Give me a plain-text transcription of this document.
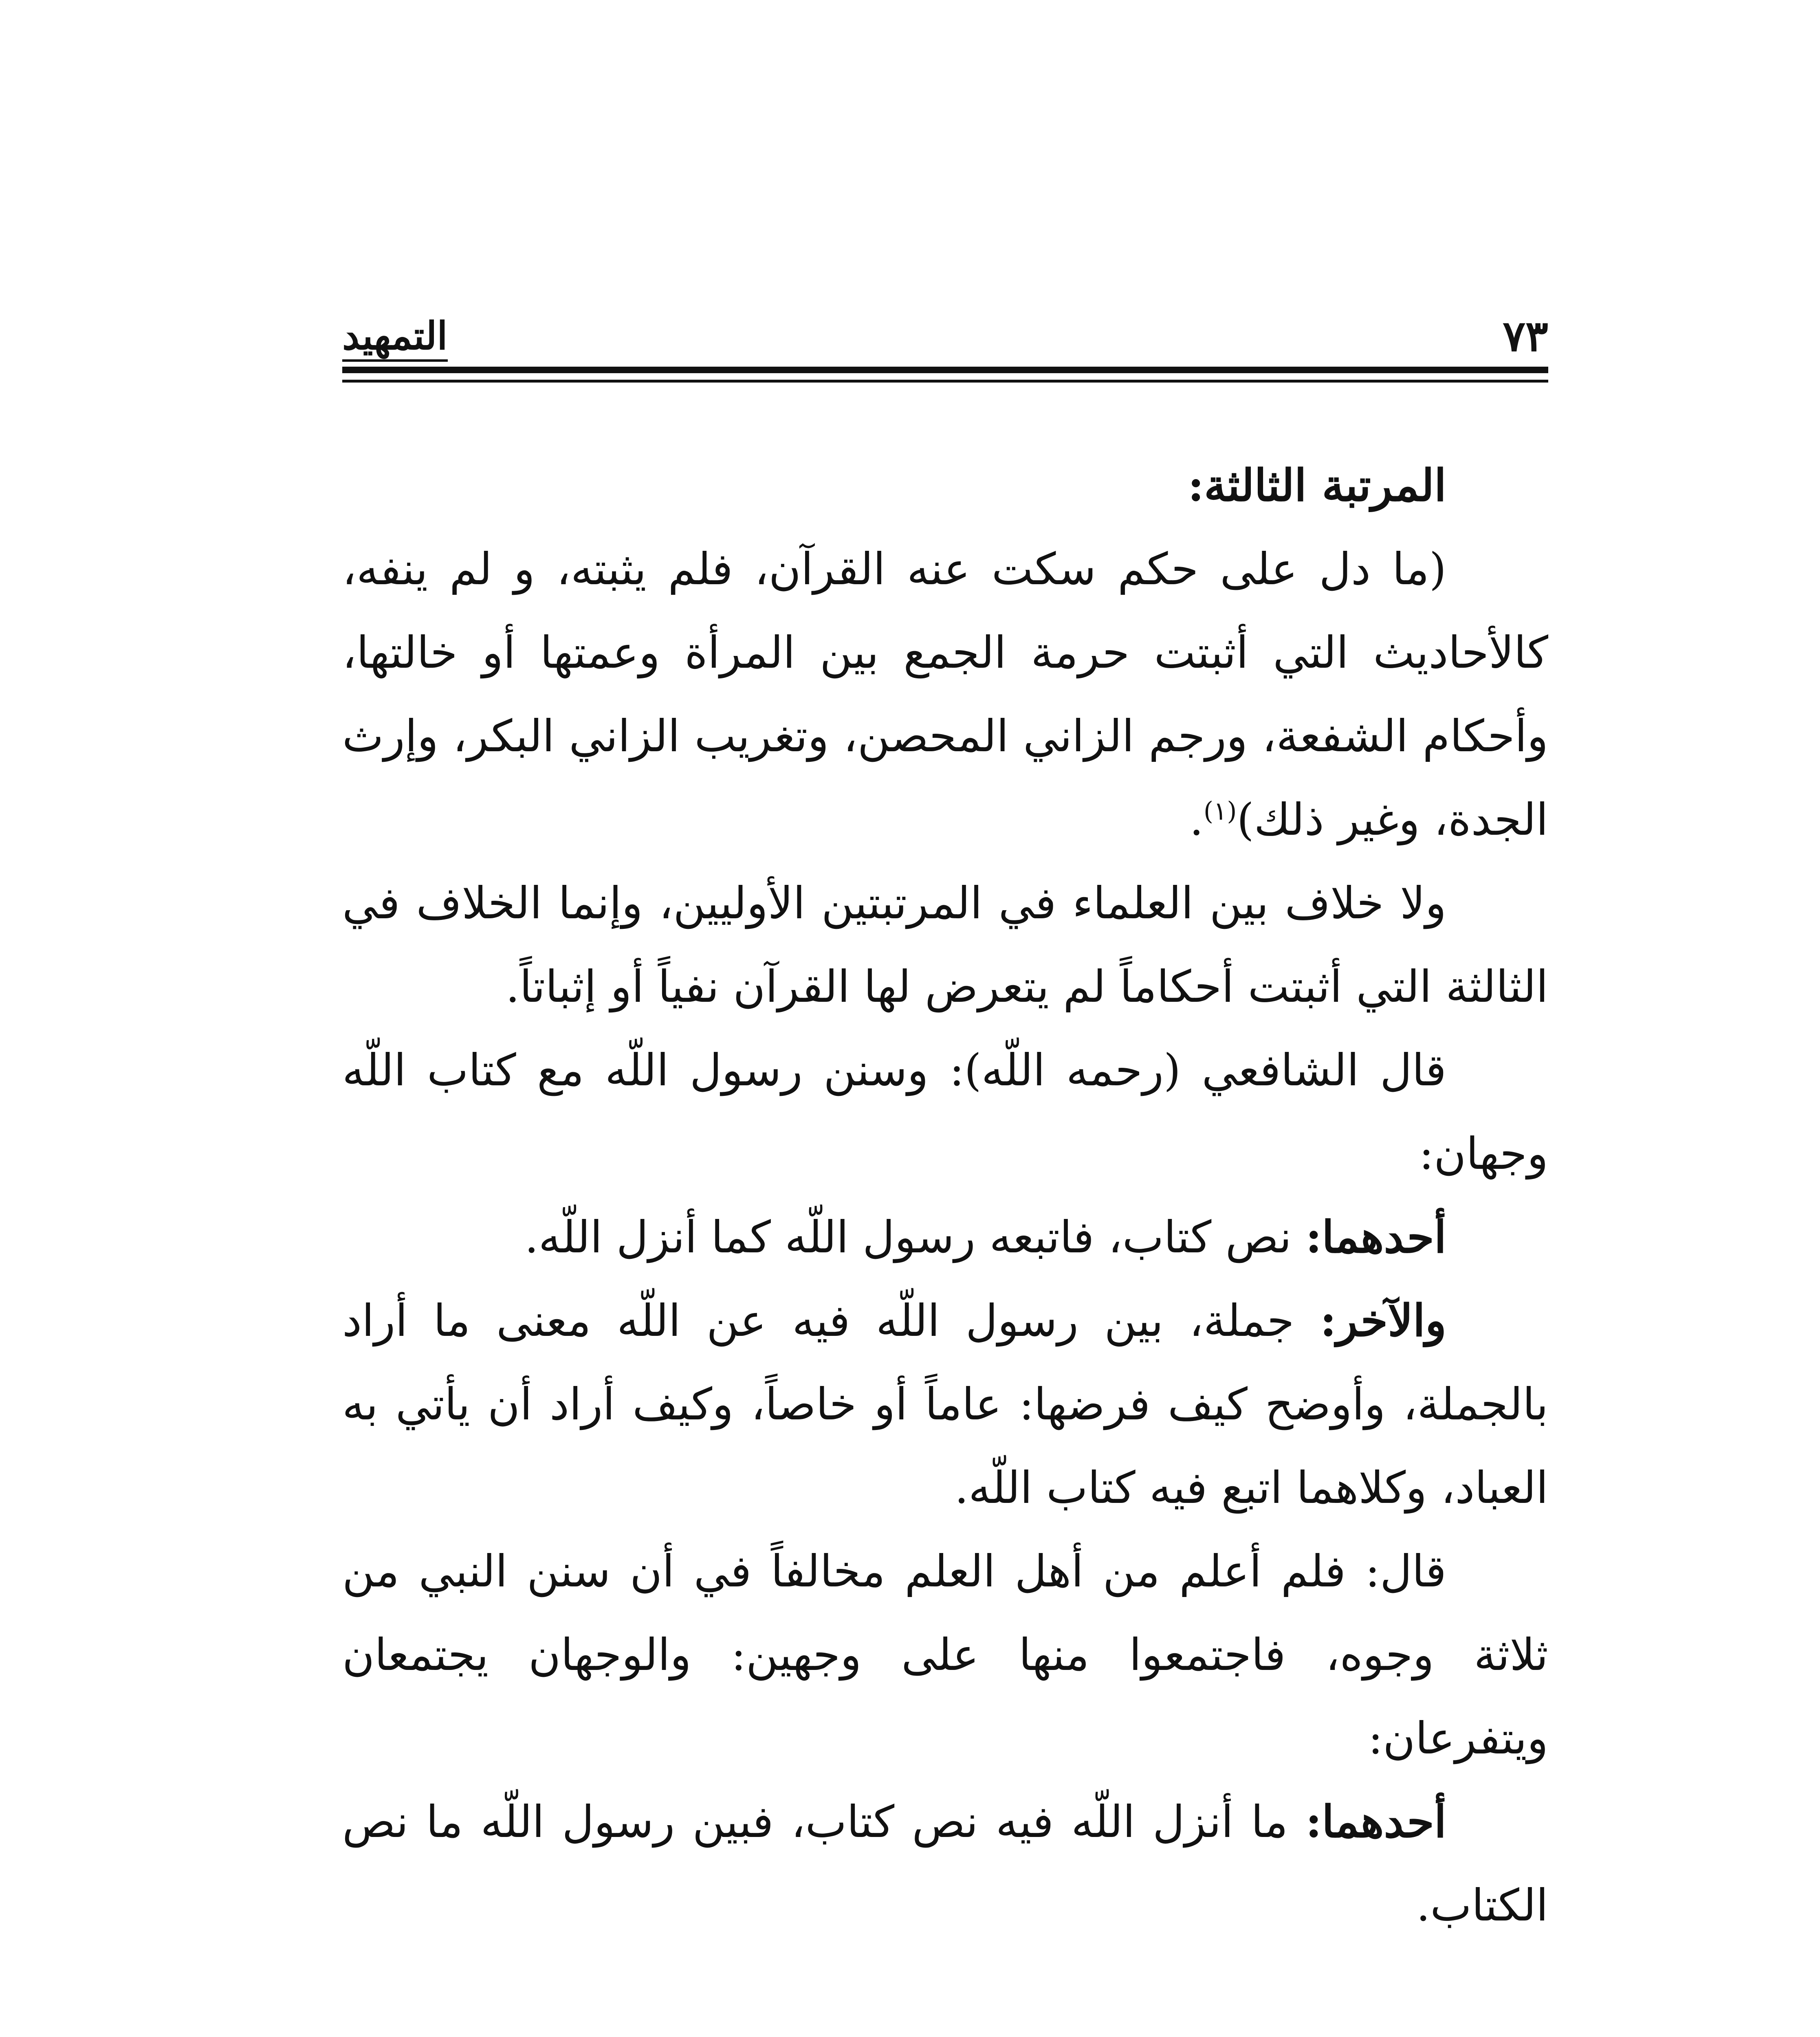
التمهيد	٧٣

المرتبة الثالثة:

(ما دل على حكم سكت عنه القرآن، فلم يثبته، و لم ينفه، كالأحاديث التي أثبتت حرمة الجمع بين المرأة وعمتها أو خالتها، وأحكام الشفعة، ورجم الزاني المحصن، وتغريب الزاني البكر، وإرث الجدة، وغير ذلك)$^{(١)}$.

ولا خلاف بين العلماء في المرتبتين الأوليين، وإنما الخلاف في الثالثة التي أثبتت أحكاماً لم يتعرض لها القرآن نفياً أو إثباتاً.

قال الشافعي (رحمه اللّه): وسنن رسول اللّه مع كتاب اللّه وجهان:

أحدهما: نص كتاب، فاتبعه رسول اللّه كما أنزل اللّه.

والآخر: جملة، بين رسول اللّه فيه عن اللّه معنى ما أراد بالجملة، وأوضح كيف فرضها: عاماً أو خاصاً، وكيف أراد أن يأتي به العباد، وكلاهما اتبع فيه كتاب اللّه.

قال: فلم أعلم من أهل العلم مخالفاً في أن سنن النبي من ثلاثة وجوه، فاجتمعوا منها على وجهين: والوجهان يجتمعان ويتفرعان:

أحدهما: ما أنزل اللّه فيه نص كتاب، فبين رسول اللّه ما نص الكتاب.
